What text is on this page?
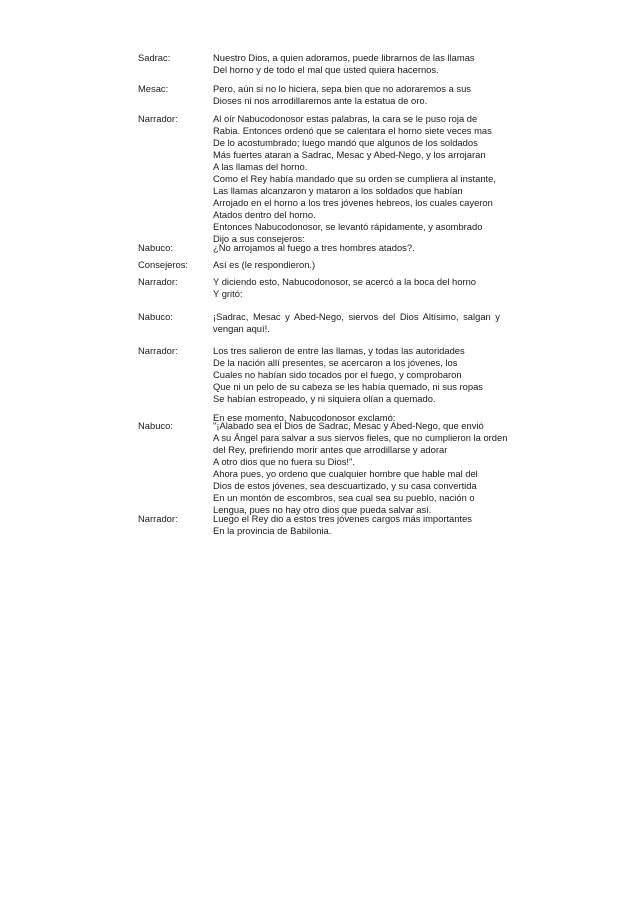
Sadrac:	Nuestro Dios, a quien adoramos, puede librarnos de las llamas
Del horno y de todo el mal que usted quiera hacernos.
Mesac:	Pero, aún si no lo hiciera, sepa bien que no adoraremos a sus
Dioses ni nos arrodillaremos ante la estatua de oro.
Narrador:	Al oír Nabucodonosor estas palabras, la cara se le puso roja de
Rabia. Entonces ordenó que se calentara el horno siete veces mas
De lo acostumbrado; luego mandó que algunos de los soldados
Más fuertes ataran a Sadrac, Mesac y Abed-Nego, y los arrojaran
A las llamas del horno.
Como el Rey había mandado que su orden se cumpliera al instante,
Las llamas alcanzaron y mataron a los soldados que habían
Arrojado en el horno a los tres jóvenes hebreos, los cuales cayeron
Atados dentro del horno.
Entonces Nabucodonosor, se levantó rápidamente, y asombrado
Dijo a sus consejeros:
Nabuco:	¿No arrojamos al fuego a tres hombres atados?.
Consejeros:	Así es (le respondieron.)
Narrador:	Y diciendo esto, Nabucodonosor, se acercó a la boca del horno
Y gritó:
Nabuco:	¡Sadrac, Mesac y Abed-Nego, siervos del Dios Altísimo, salgan y
vengan aquí!.
Narrador:	Los tres salieron de entre las llamas, y todas las autoridades
De la nación allí presentes, se acercaron a los jóvenes, los
Cuales no habían sido tocados por el fuego, y comprobaron
Que ni un pelo de su cabeza se les había quemado, ni sus ropas
Se habían estropeado, y ni siquiera olían a quemado.
En ese momento, Nabucodonosor exclamó:
Nabuco:	"¡Alabado sea el Dios de Sadrac, Mesac y Abed-Nego, que envió
A su Ángel para salvar a sus siervos fieles, que no cumplieron la orden
del Rey, prefiriendo morir antes que arrodillarse y adorar
A otro dios que no fuera su Dios!".
Ahora pues, yo ordeno que cualquier hombre que hable mal del
Dios de estos jóvenes, sea descuartizado, y su casa convertida
En un montón de escombros, sea cual sea su pueblo, nación o
Lengua, pues no hay otro dios que pueda salvar así.
Narrador:	Luego el Rey dio a estos tres jóvenes cargos más importantes
En la provincia de Babilonia.
